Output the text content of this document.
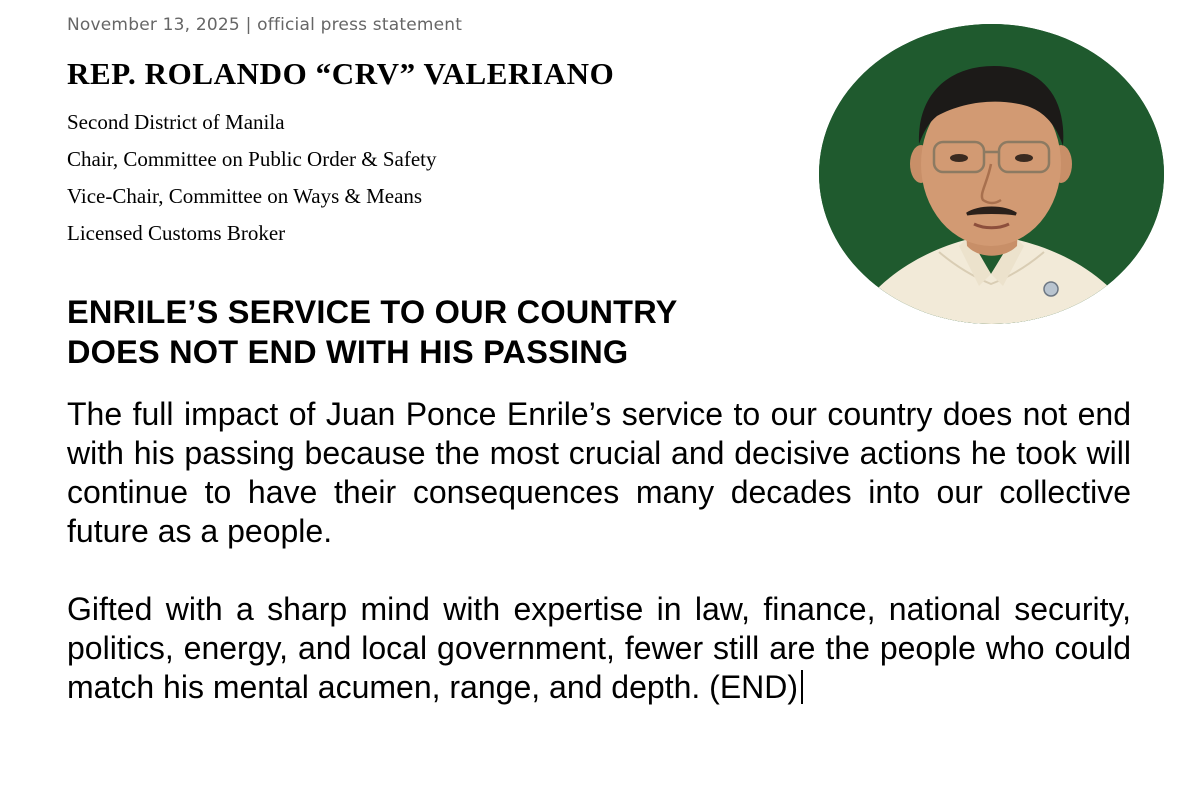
November 13, 2025 | official press statement
REP. ROLANDO “CRV” VALERIANO
Second District of Manila
Chair, Committee on Public Order & Safety
Vice-Chair, Committee on Ways & Means
Licensed Customs Broker
ENRILE’S SERVICE TO OUR COUNTRY
DOES NOT END WITH HIS PASSING

The full impact of Juan Ponce Enrile’s service to our country does not end with his passing because the most crucial and decisive actions he took will continue to have their consequences many decades into our collective future as a people.

Gifted with a sharp mind with expertise in law, finance, national security, politics, energy, and local government, fewer still are the people who could match his mental acumen, range, and depth. (END)
